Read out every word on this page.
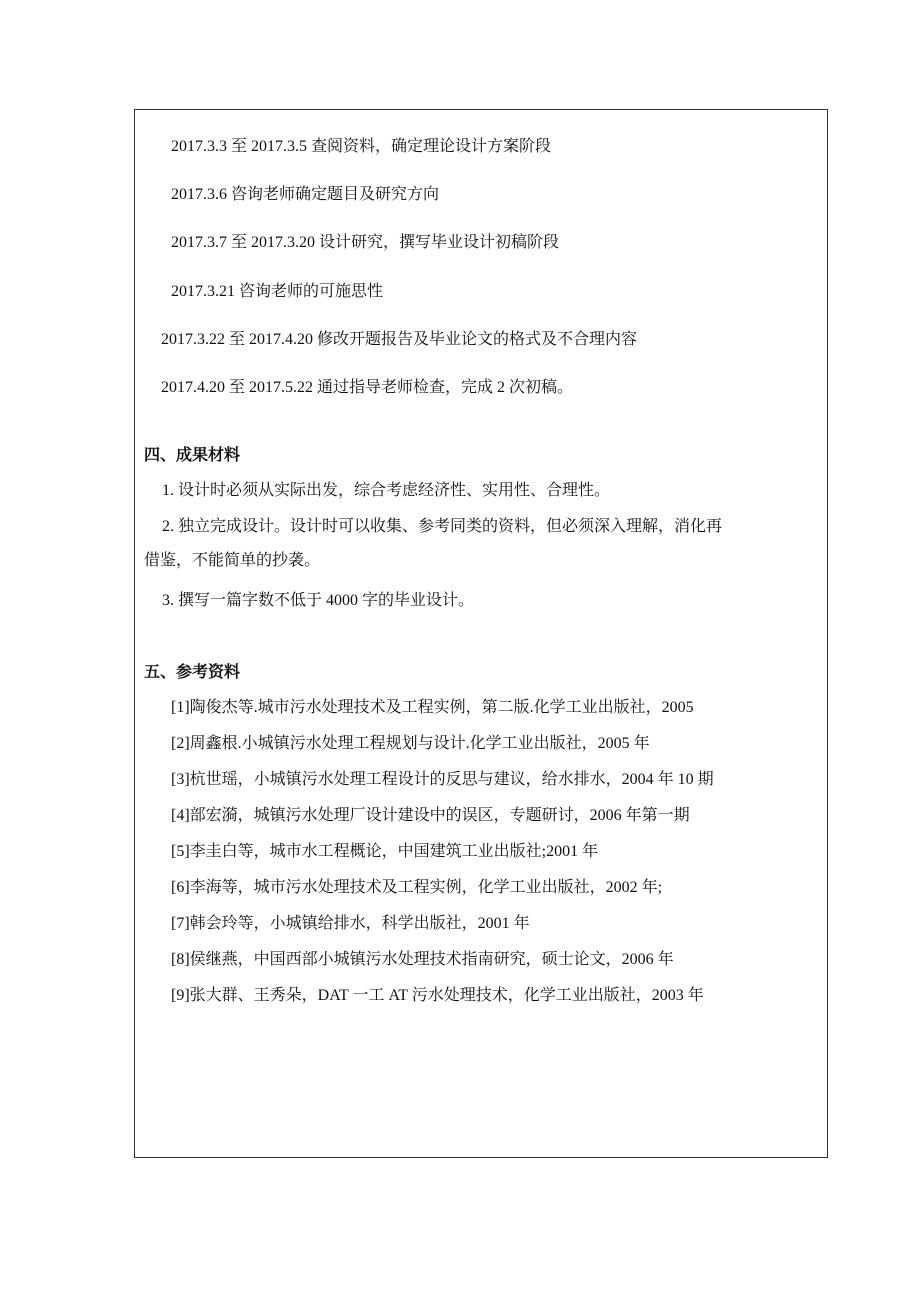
2017.3.3 至 2017.3.5 查阅资料，确定理论设计方案阶段
2017.3.6 咨询老师确定题目及研究方向
2017.3.7 至 2017.3.20 设计研究，撰写毕业设计初稿阶段
2017.3.21 咨询老师的可施思性
2017.3.22 至 2017.4.20 修改开题报告及毕业论文的格式及不合理内容
2017.4.20 至 2017.5.22 通过指导老师检查，完成 2 次初稿。
四、成果材料
1. 设计时必须从实际出发，综合考虑经济性、实用性、合理性。
2. 独立完成设计。设计时可以收集、参考同类的资料，但必须深入理解，消化再
借鉴，不能简单的抄袭。
3. 撰写一篇字数不低于 4000 字的毕业设计。
五、参考资料
[1]陶俊杰等.城市污水处理技术及工程实例，第二版.化学工业出版社，2005
[2]周鑫根.小城镇污水处理工程规划与设计.化学工业出版社，2005 年
[3]杭世瑶，小城镇污水处理工程设计的反思与建议，给水排水，2004 年 10 期
[4]部宏漪，城镇污水处理厂设计建设中的误区，专题研讨，2006 年第一期
[5]李圭白等，城市水工程概论，中国建筑工业出版社;2001 年
[6]李海等，城市污水处理技术及工程实例，化学工业出版社，2002 年;
[7]韩会玲等，小城镇给排水，科学出版社，2001 年
[8]侯继燕，中国西部小城镇污水处理技术指南研究，硕士论文，2006 年
[9]张大群、王秀朵，DAT 一工 AT 污水处理技术，化学工业出版社，2003 年
